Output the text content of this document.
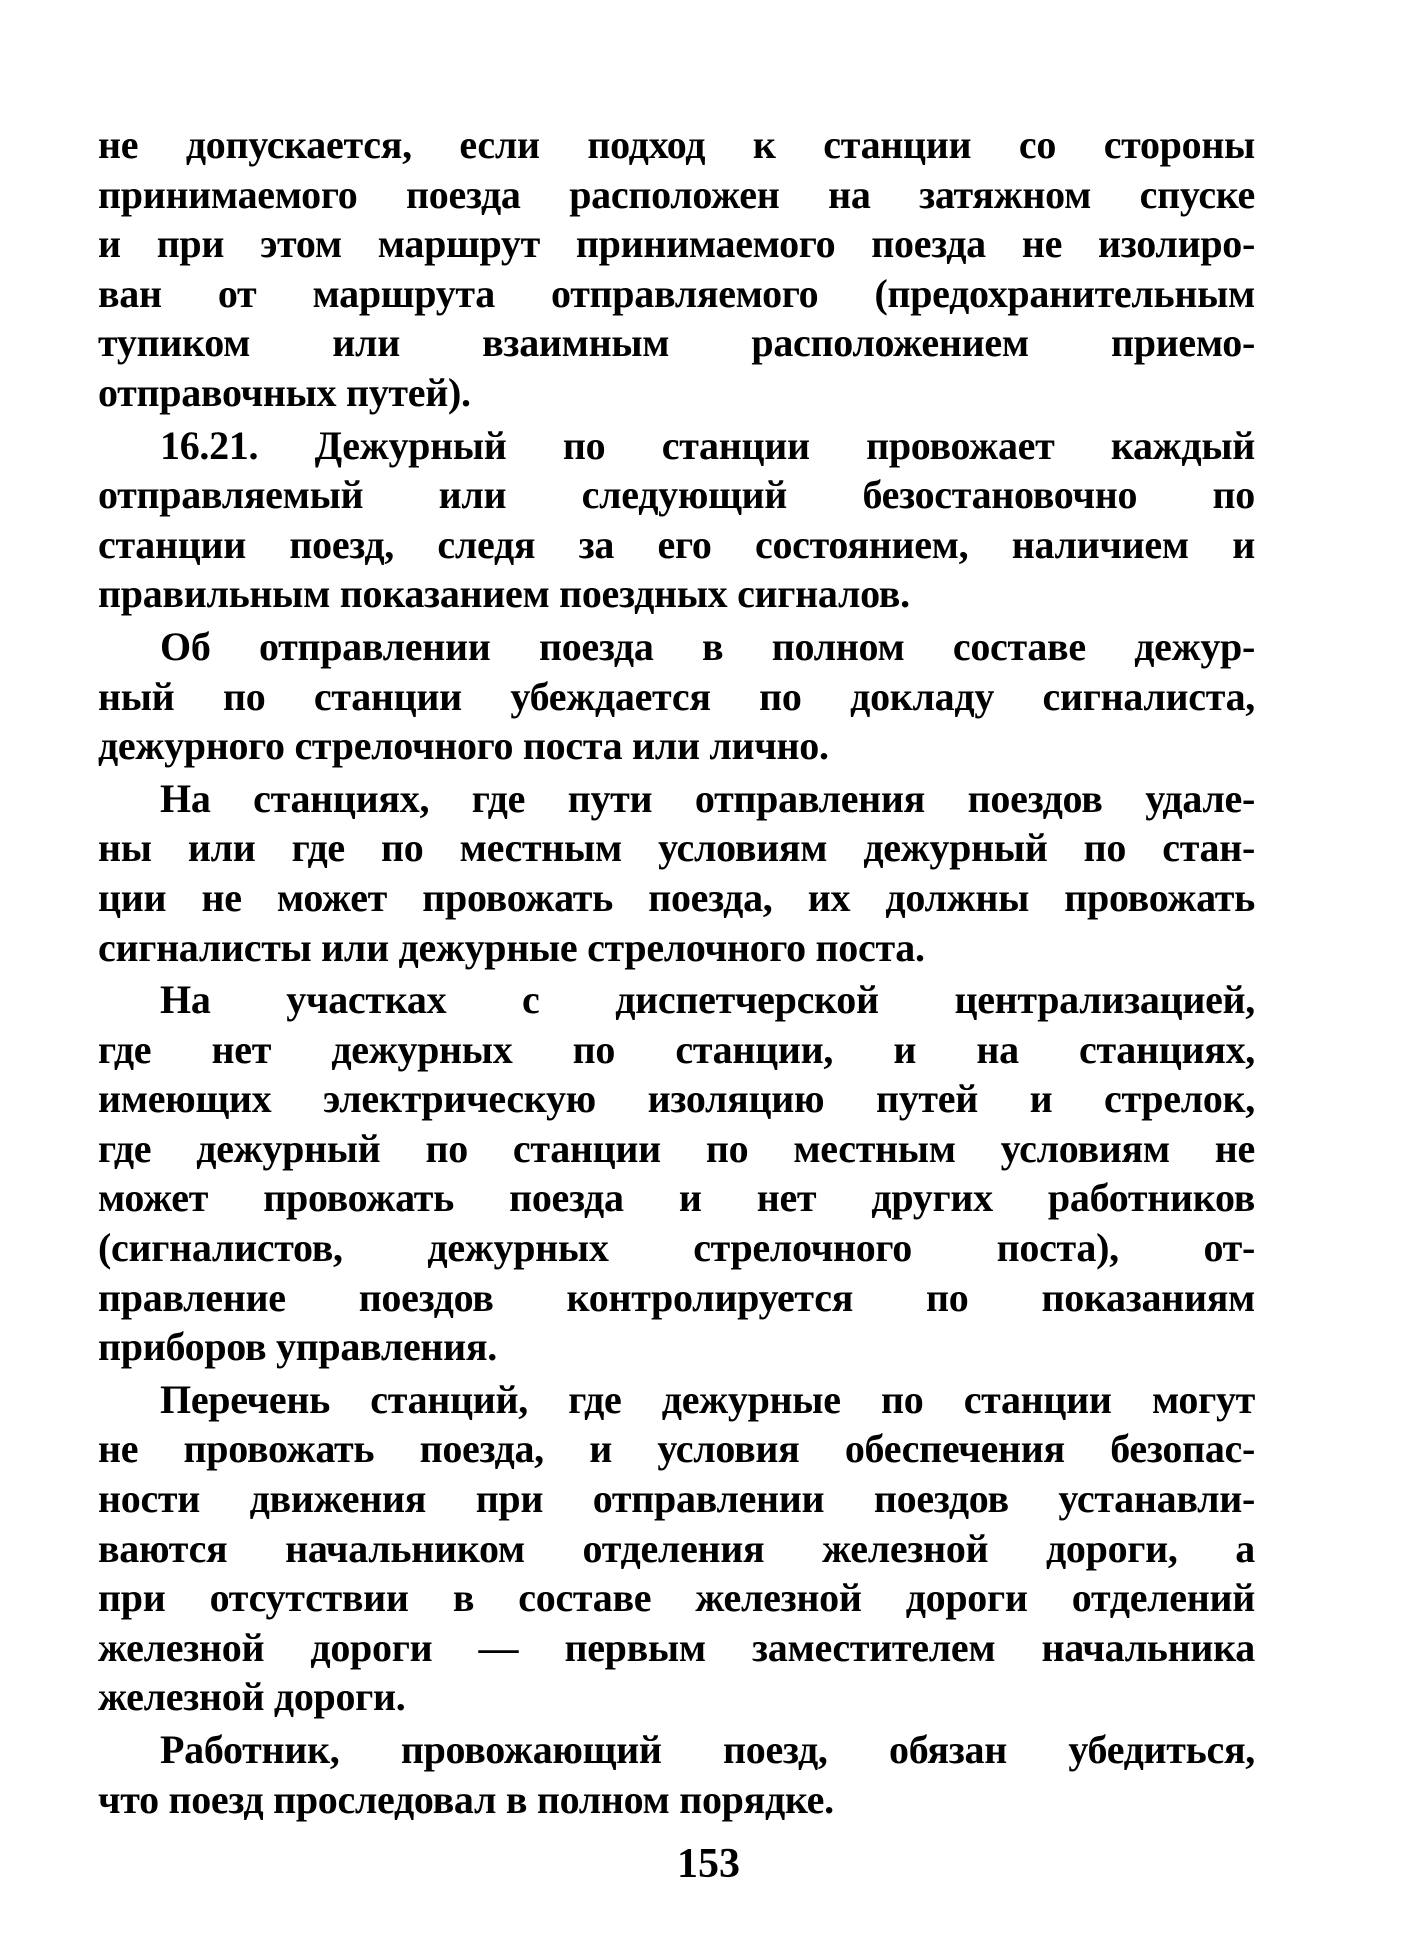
не допускается, если подход к станции со стороны
принимаемого поезда расположен на затяжном спуске
и при этом маршрут принимаемого поезда не изолиро-
ван от маршрута отправляемого (предохранительным
тупиком или взаимным расположением приемо-
отправочных путей).
16.21. Дежурный по станции провожает каждый
отправляемый или следующий безостановочно по
станции поезд, следя за его состоянием, наличием и
правильным показанием поездных сигналов.
Об отправлении поезда в полном составе дежур-
ный по станции убеждается по докладу сигналиста,
дежурного стрелочного поста или лично.
На станциях, где пути отправления поездов удале-
ны или где по местным условиям дежурный по стан-
ции не может провожать поезда, их должны провожать
сигналисты или дежурные стрелочного поста.
На участках с диспетчерской централизацией,
где нет дежурных по станции, и на станциях,
имеющих электрическую изоляцию путей и стрелок,
где дежурный по станции по местным условиям не
может провожать поезда и нет других работников
(сигналистов, дежурных стрелочного поста), от-
правление поездов контролируется по показаниям
приборов управления.
Перечень станций, где дежурные по станции могут
не провожать поезда, и условия обеспечения безопас-
ности движения при отправлении поездов устанавли-
ваются начальником отделения железной дороги, а
при отсутствии в составе железной дороги отделений
железной дороги — первым заместителем начальника
железной дороги.
Работник, провожающий поезд, обязан убедиться,
что поезд проследовал в полном порядке.
153
